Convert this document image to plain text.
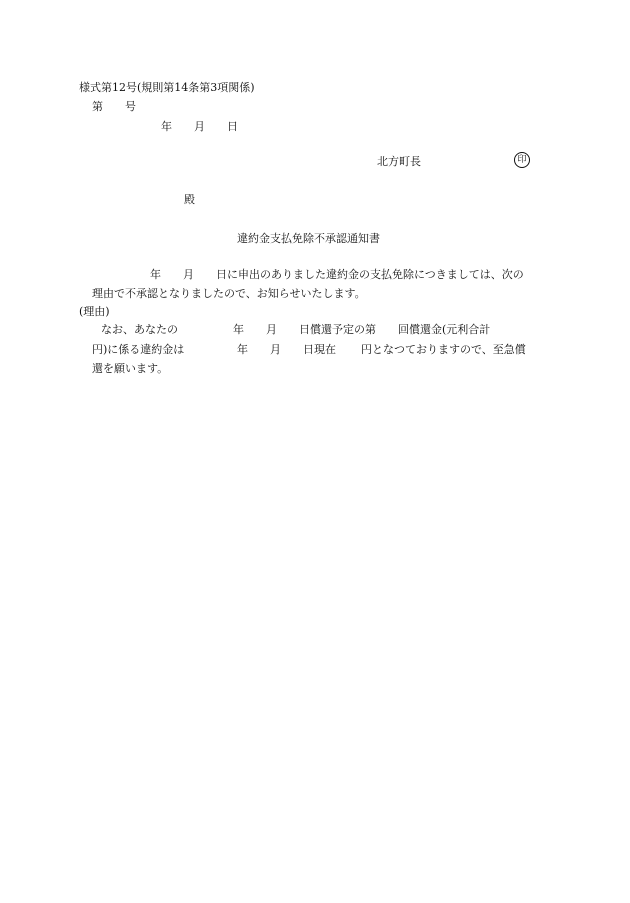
様式第12号(規則第14条第3項関係)
第　　号
年　　月　　日
北方町長	印
殿
違約金支払免除不承認通知書
年　　月　　日に申出のありました違約金の支払免除につきましては、次の
理由で不承認となりましたので、お知らせいたします。
(理由)
なお、あなたの	年　　月　　日償還予定の第　　回償還金(元利合計
円)に係る違約金は	年　　月　　日現在 円となつておりますので、至急償
還を願います。
